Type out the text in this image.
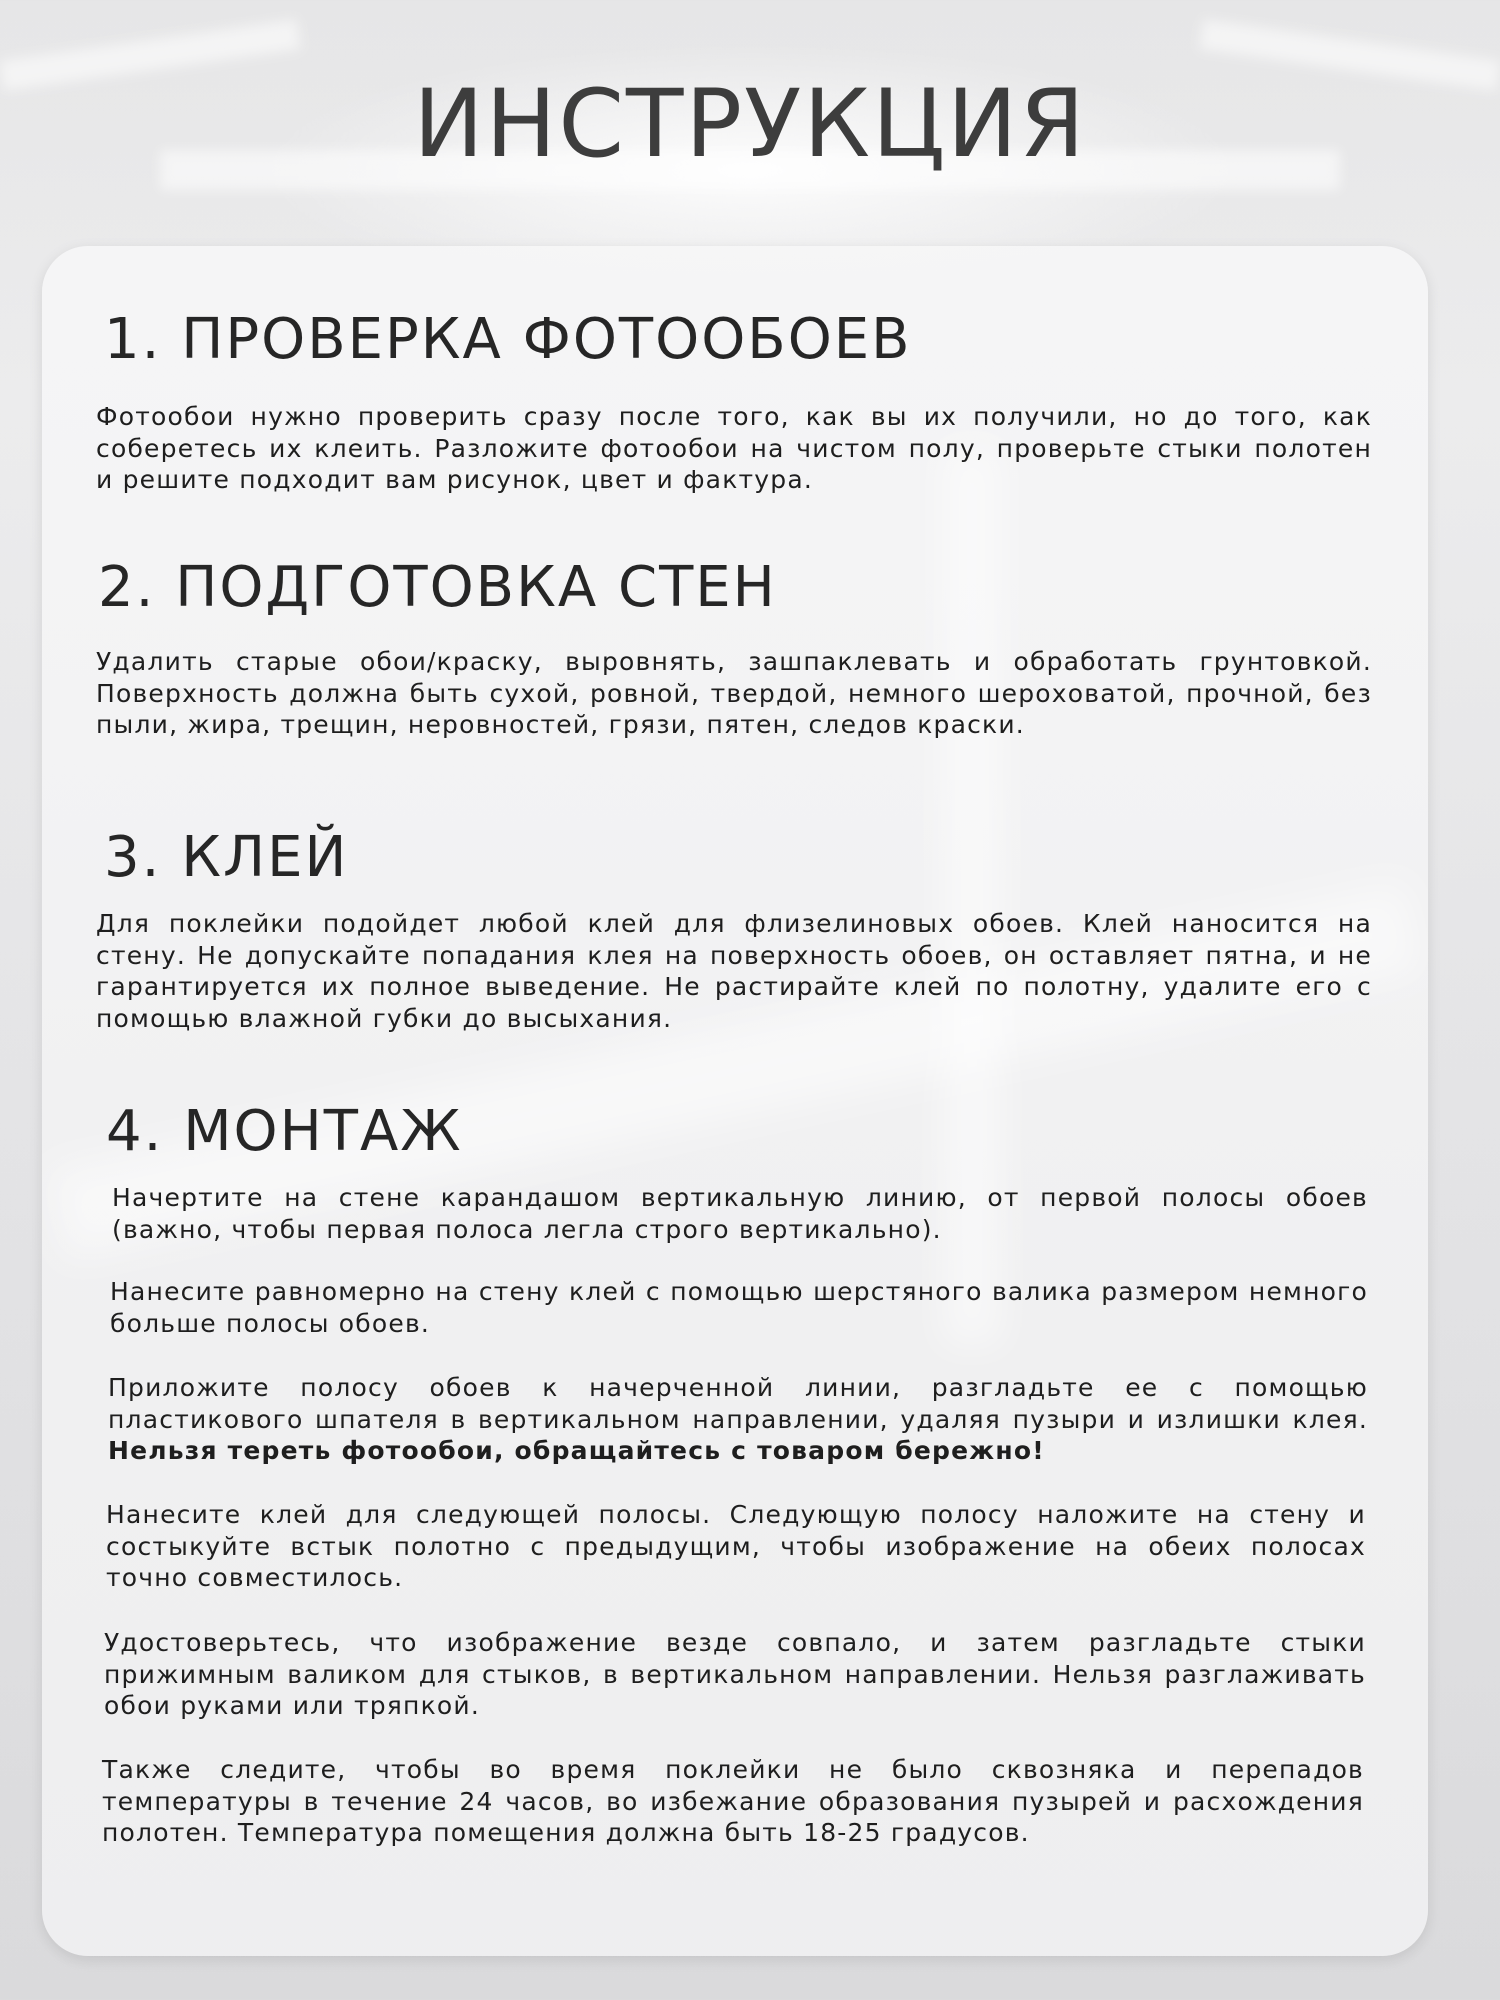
ИНСТРУКЦИЯ
1. ПРОВЕРКА ФОТООБОЕВ

Фотообои нужно проверить сразу после того, как вы их получили, но до того, как соберетесь их клеить. Разложите фотообои на чистом полу, проверьте стыки полотен и решите подходит вам рисунок, цвет и фактура.

2. ПОДГОТОВКА СТЕН

Удалить старые обои/краску, выровнять, зашпаклевать и обработать грунтовкой. Поверхность должна быть сухой, ровной, твердой, немного шероховатой, прочной, без пыли, жира, трещин, неровностей, грязи, пятен, следов краски.

3. КЛЕЙ

Для поклейки подойдет любой клей для флизелиновых обоев. Клей наносится на стену. Не допускайте попадания клея на поверхность обоев, он оставляет пятна, и не гарантируется их полное выведение. Не растирайте клей по полотну, удалите его с помощью влажной губки до высыхания.

4. МОНТАЖ

Начертите на стене карандашом вертикальную линию, от первой полосы обоев (важно, чтобы первая полоса легла строго вертикально).

Нанесите равномерно на стену клей с помощью шерстяного валика размером немного больше полосы обоев.

Приложите полосу обоев к начерченной линии, разгладьте ее с помощью пластикового шпателя в вертикальном направлении, удаляя пузыри и излишки клея. Нельзя тереть фотообои, обращайтесь с товаром бережно!

Нанесите клей для следующей полосы. Следующую полосу наложите на стену и состыкуйте встык полотно с предыдущим, чтобы изображение на обеих полосах точно совместилось.

Удостоверьтесь, что изображение везде совпало, и затем разгладьте стыки прижимным валиком для стыков, в вертикальном направлении. Нельзя разглаживать обои руками или тряпкой.

Также следите, чтобы во время поклейки не было сквозняка и перепадов температуры в течение 24 часов, во избежание образования пузырей и расхождения полотен. Температура помещения должна быть 18-25 градусов.
